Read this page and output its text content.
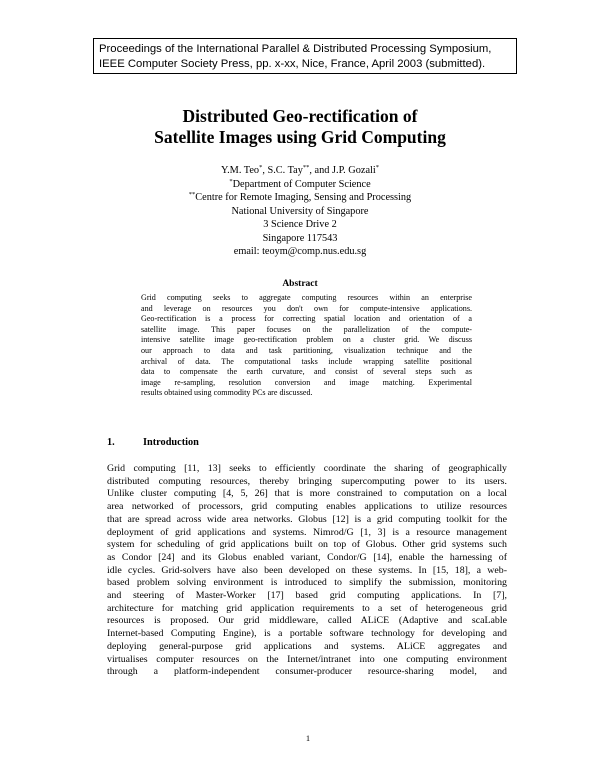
Proceedings of the International Parallel & Distributed Processing Symposium,
IEEE Computer Society Press, pp. x-xx, Nice, France, April 2003 (submitted).
Distributed Geo-rectification of
Satellite Images using Grid Computing
Y.M. Teo*, S.C. Tay**, and J.P. Gozali*
*Department of Computer Science
**Centre for Remote Imaging, Sensing and Processing
National University of Singapore
3 Science Drive 2
Singapore 117543
email: teoym@comp.nus.edu.sg
Abstract
Grid computing seeks to aggregate computing resources within an enterprise
and leverage on resources you don't own for compute-intensive applications.
Geo-rectification is a process for correcting spatial location and orientation of a
satellite image. This paper focuses on the parallelization of the compute-
intensive satellite image geo-rectification problem on a cluster grid. We discuss
our approach to data and task partitioning, visualization technique and the
archival of data. The computational tasks include wrapping satellite positional
data to compensate the earth curvature, and consist of several steps such as
image re-sampling, resolution conversion and image matching. Experimental
results obtained using commodity PCs are discussed.
1.	Introduction
Grid computing [11, 13] seeks to efficiently coordinate the sharing of geographically
distributed computing resources, thereby bringing supercomputing power to its users.
Unlike cluster computing [4, 5, 26] that is more constrained to computation on a local
area networked of processors, grid computing enables applications to utilize resources
that are spread across wide area networks. Globus [12] is a grid computing toolkit for the
deployment of grid applications and systems. Nimrod/G [1, 3] is a resource management
system for scheduling of grid applications built on top of Globus. Other grid systems such
as Condor [24] and its Globus enabled variant, Condor/G [14], enable the harnessing of
idle cycles. Grid-solvers have also been developed on these systems. In [15, 18], a web-
based problem solving environment is introduced to simplify the submission, monitoring
and steering of Master-Worker [17] based grid computing applications. In [7],
architecture for matching grid application requirements to a set of heterogeneous grid
resources is proposed. Our grid middleware, called ALiCE (Adaptive and scaLable
Internet-based Computing Engine), is a portable software technology for developing and
deploying general-purpose grid applications and systems. ALiCE aggregates and
virtualises computer resources on the Internet/intranet into one computing environment
through a platform-independent consumer-producer resource-sharing model, and
1
